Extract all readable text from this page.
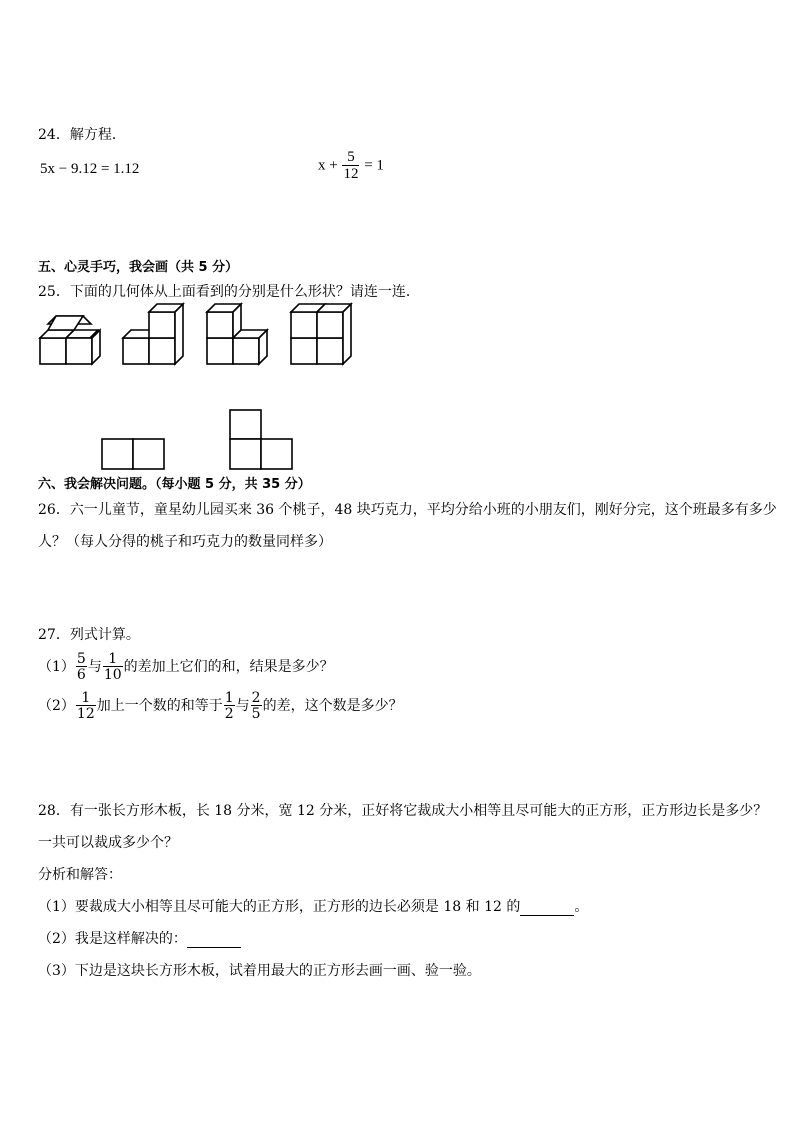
24．解方程．
5x − 9.12 = 1.12	$x + \frac{5}{12} = 1$
五、心灵手巧，我会画（共 5 分）
25．下面的几何体从上面看到的分别是什么形状？请连一连．
六、我会解决问题。（每小题 5 分，共 35 分）
26．六一儿童节，童星幼儿园买来 36 个桃子，48 块巧克力，平均分给小班的小朋友们，刚好分完，这个班最多有多少
人？（每人分得的桃子和巧克力的数量同样多）
27．列式计算。
$(1) \frac{5}{6}$ 与 $\frac{1}{10}$ 的差加上它们的和，结果是多少？
$(2) \frac{1}{12}$ 加上一个数的和等于 $\frac{1}{2}$ 与 $\frac{2}{5}$ 的差，这个数是多少？
28．有一张长方形木板，长 18 分米，宽 12 分米，正好将它裁成大小相等且尽可能大的正方形，正方形边长是多少？
一共可以裁成多少个？
分析和解答：
（1）要裁成大小相等且尽可能大的正方形，正方形的边长必须是 18 和 12 的	。
（2）我是这样解决的：
（3）下边是这块长方形木板，试着用最大的正方形去画一画、验一验。
